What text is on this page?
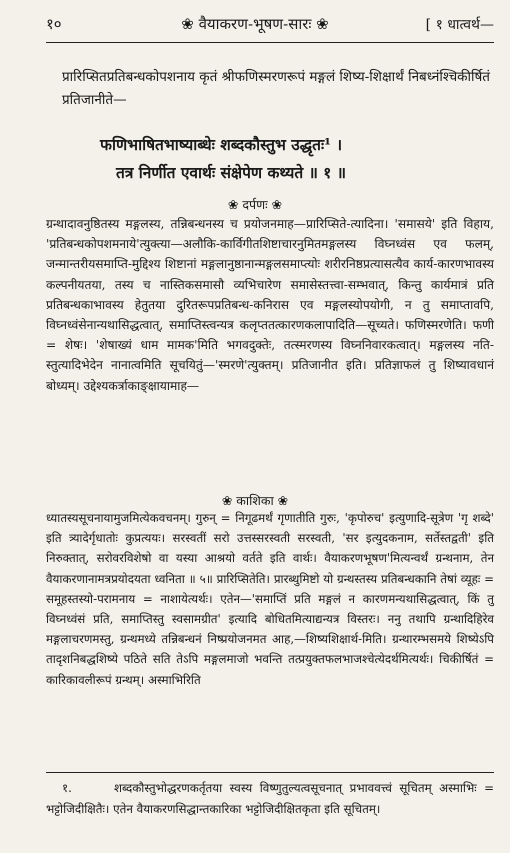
१०	❀ वैयाकरण-भूषण-सारः ❀	[ १ धात्वर्थ—

प्रारिप्सितप्रतिबन्धकोपशनाय कृतं श्रीफणिस्मरणरूपं मङ्गलं शिष्य-शिक्षार्थं निबध्नंश्चिकीर्षितं प्रतिजानीते—

फणिभाषितभाष्याब्धेः शब्दकौस्तुभ उद्धृतः¹ ।
तत्र निर्णीत एवार्थः संक्षेपेण कथ्यते ॥ १ ॥
❀ दर्पणः ❀

ग्रन्थादावनुष्ठितस्य मङ्गलस्य, तन्निबन्धनस्य च प्रयोजनमाह—प्रारिप्सिते-त्यादिना। 'समासये' इति विहाय, 'प्रतिबन्धकोपशमनाये'त्युक्त्या—अलौकि-कार्विगीतशिष्टाचारनुमितमङ्गलस्य विघ्नध्वंस एव फलम्, जन्मान्तरीयसमाप्ति-मुद्दिश्य शिष्टानां मङ्गलानुष्ठानान्मङ्गलसमाप्त्योः शरीरनिष्ठप्रत्यासत्यैव कार्य-कारणभावस्य कल्पनीयतया, तस्य च नास्तिकसमासौ व्यभिचारेण समासेस्तत्त्वा-सम्भवात्, किन्तु कार्यमात्रं प्रति प्रतिबन्धकाभावस्य हेतुतया दुरितरूपप्रतिबन्ध-कनिरास एव मङ्गलस्योपयोगी, न तु समाप्तावपि, विघ्नध्वंसेनान्यथासिद्धत्वात्, समाप्तिस्त्वन्यत्र कलृप्ततत्कारणकलापादिति—सूच्यते। फणिस्मरणेति। फणी = शेषः। 'शेषाख्यं धाम मामक'मिति भगवदुक्तेः, तत्स्मरणस्य विघ्ननिवारकत्वात्। मङ्गलस्य नति-स्तुत्यादिभेदेन नानात्वमिति सूचयितुं—'स्मरणे'त्युक्तम्। प्रतिजानीत इति। प्रतिज्ञाफलं तु शिष्यावधानं बोध्यम्। उद्देश्यकर्त्राकाङ्क्षायामाह—

❀ काशिका ❀

ध्यातस्यसूचनायामुजमित्येकवचनम्। गुरुन् = निगूढमर्थं गृणातीति गुरुः, 'कृपोरुच' इत्युणादि-सूत्रेण 'गृ शब्दे' इति त्र्यादेर्गृधातोः कुप्रत्ययः। सरस्वतीं सरो उत्तस्सरस्वती सरस्वती, 'सर इत्युदकनाम, सर्तेस्तद्वती' इति निरुक्तात्, सरोवरविशेषो वा यस्या आश्रयो वर्तते इति वार्थः। वैयाकरणभूषण'मित्यन्वर्थं ग्रन्थनाम, तेन वैयाकरणानामत्रप्रयोदयता ध्वनिता ॥ ५॥ प्रारिप्सितेति। प्रारब्धुमिष्टो यो ग्रन्थस्तस्य प्रतिबन्धकानि तेषां व्यूहः = समूहस्तस्यो-परामनाय = नाशायेत्यर्थः। एतेन—'समाप्तिं प्रति मङ्गलं न कारणमन्यथासिद्धत्वात्, किं तु विघ्नध्वंसं प्रति, समाप्तिस्तु स्वसामग्रीत' इत्यादि बोधितमित्याद्यन्यत्र विस्तरः। ननु तथापि ग्रन्थादिहिरेव मङ्गलाचरणमस्तु, ग्रन्थमध्ये तन्निबन्धनं निष्प्रयोजनमत आह,—शिष्यशिक्षार्थ-मिति। ग्रन्थारम्भसमये शिष्येऽपि तादृशनिबद्धशिष्ये पठिते सति तेऽपि मङ्गलमाजो भवन्ति तत्प्रयुक्तफलभाजश्चेत्येदर्थमित्यर्थः। चिकीर्षितं = कारिकावलीरूपं ग्रन्थम्। अस्माभिरिति

१.	शब्दकौस्तुभोद्धरणकर्तृतया स्वस्य विष्णुतुल्यत्वसूचनात् प्रभाववत्त्वं सूचितम् अस्माभिः = भट्टोजिदीक्षितैः। एतेन वैयाकरणसिद्धान्तकारिका भट्टोजिदीक्षितकृता इति सूचितम्।
